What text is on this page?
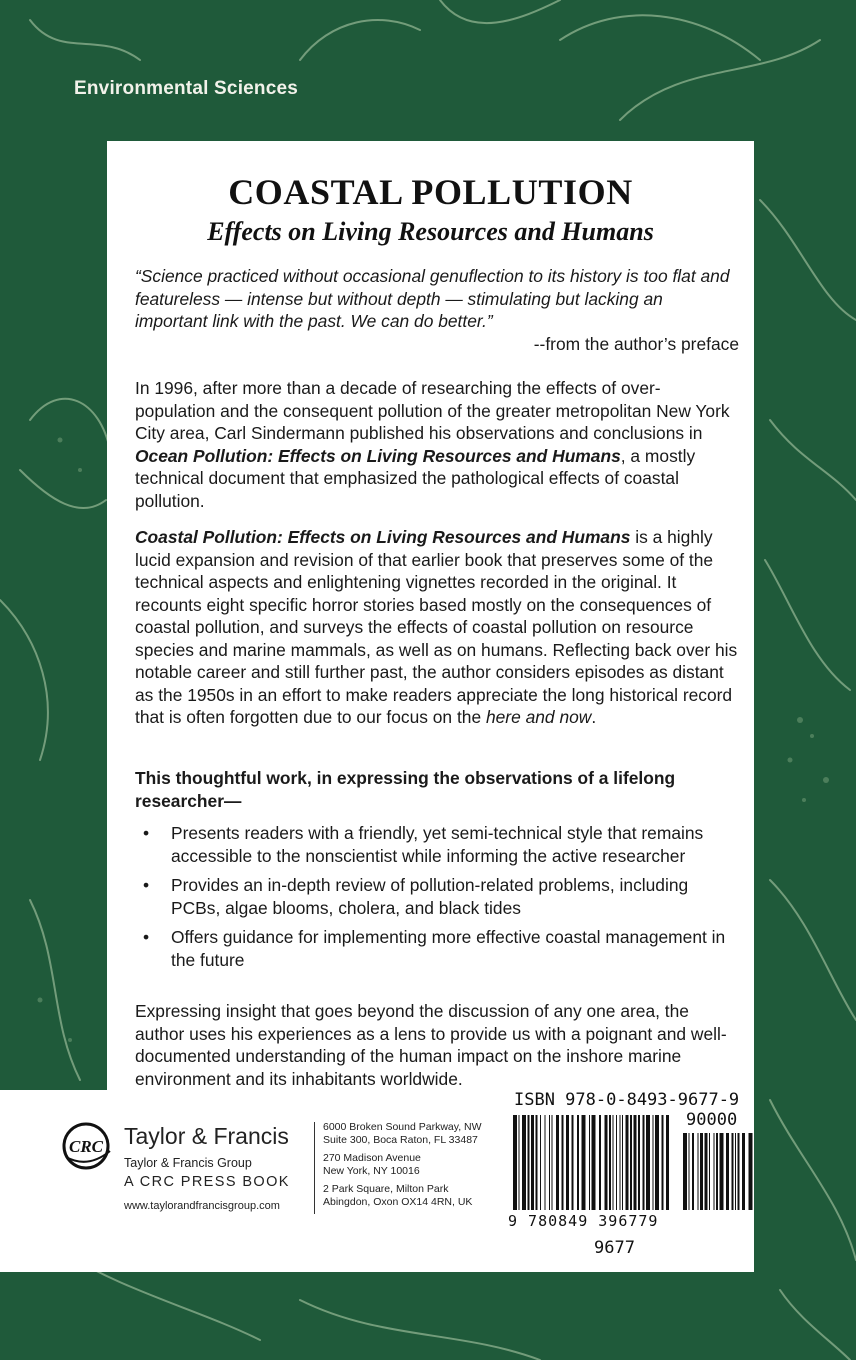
Environmental Sciences
COASTAL POLLUTION
Effects on Living Resources and Humans
“Science practiced without occasional genuflection to its history is too flat and featureless — intense but without depth — stimulating but lacking an important link with the past. We can do better.”
--from the author’s preface
In 1996, after more than a decade of researching the effects of over-population and the consequent pollution of the greater metropolitan New York City area, Carl Sindermann published his observations and conclusions in Ocean Pollution: Effects on Living Resources and Humans, a mostly technical document that emphasized the pathological effects of coastal pollution.
Coastal Pollution: Effects on Living Resources and Humans is a highly lucid expansion and revision of that earlier book that preserves some of the technical aspects and enlightening vignettes recorded in the original. It recounts eight specific horror stories based mostly on the consequences of coastal pollution, and surveys the effects of coastal pollution on resource species and marine mammals, as well as on humans. Reflecting back over his notable career and still further past, the author considers episodes as distant as the 1950s in an effort to make readers appreciate the long historical record that is often forgotten due to our focus on the here and now.
This thoughtful work, in expressing the observations of a lifelong researcher—
• Presents readers with a friendly, yet semi-technical style that remains accessible to the nonscientist while informing the active researcher
• Provides an in-depth review of pollution-related problems, including PCBs, algae blooms, cholera, and black tides
• Offers guidance for implementing more effective coastal management in the future
Expressing insight that goes beyond the discussion of any one area, the author uses his experiences as a lens to provide us with a poignant and well-documented understanding of the human impact on the inshore marine environment and its inhabitants worldwide.
CRC Taylor & Francis
Taylor & Francis Group
A CRC PRESS BOOK
www.taylorandfrancisgroup.com
6000 Broken Sound Parkway, NW
Suite 300, Boca Raton, FL 33487
270 Madison Avenue
New York, NY 10016
2 Park Square, Milton Park
Abingdon, Oxon OX14 4RN, UK
ISBN 978-0-8493-9677-9
90000
9 780849 396779
9677
